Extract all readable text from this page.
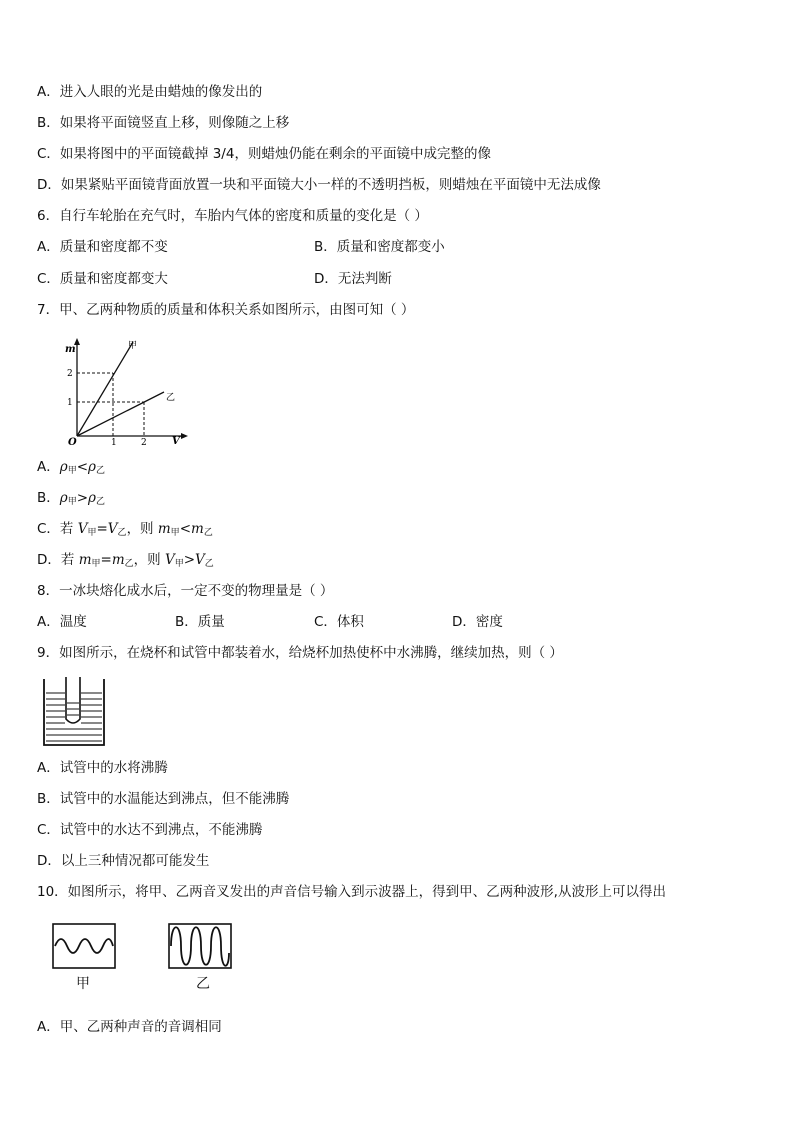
A．进入人眼的光是由蜡烛的像发出的
B．如果将平面镜竖直上移，则像随之上移
C．如果将图中的平面镜截掉 3/4，则蜡烛仍能在剩余的平面镜中成完整的像
D．如果紧贴平面镜背面放置一块和平面镜大小一样的不透明挡板，则蜡烛在平面镜中无法成像
6．自行车轮胎在充气时，车胎内气体的密度和质量的变化是（ ）
A．质量和密度都不变	B．质量和密度都变小
C．质量和密度都变大	D．无法判断
7．甲、乙两种物质的质量和体积关系如图所示，由图可知（ ）
m
V
O	1	2
1
2
甲
乙
A．$\rho_甲<\rho_乙$
B．$\rho_甲>\rho_乙$
C．若 $V_甲=V_乙$，则 $m_甲<m_乙$
D．若 $m_甲=m_乙$，则 $V_甲>V_乙$
8．一冰块熔化成水后，一定不变的物理量是（ ）
A．温度	B．质量	C．体积	D．密度
9．如图所示，在烧杯和试管中都装着水，给烧杯加热使杯中水沸腾，继续加热，则（ ）
A．试管中的水将沸腾
B．试管中的水温能达到沸点，但不能沸腾
C．试管中的水达不到沸点，不能沸腾
D．以上三种情况都可能发生
10．如图所示，将甲、乙两音叉发出的声音信号输入到示波器上，得到甲、乙两种波形,从波形上可以得出
甲	乙
A．甲、乙两种声音的音调相同
